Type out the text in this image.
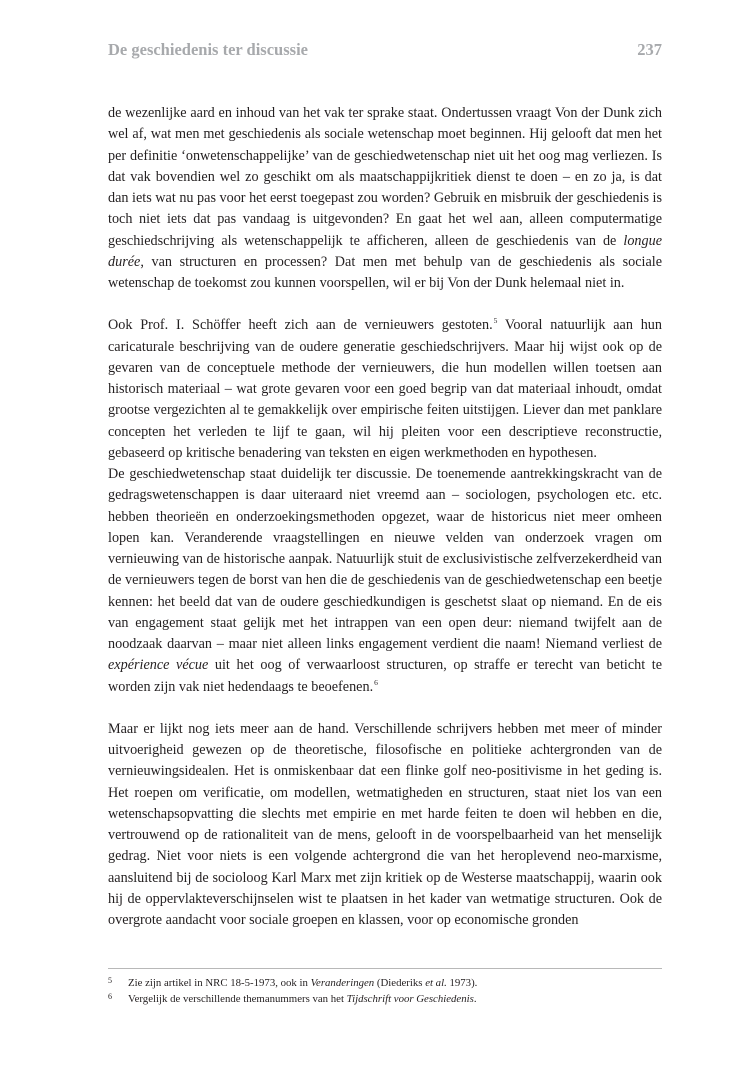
De geschiedenis ter discussie	237

de wezenlijke aard en inhoud van het vak ter sprake staat. Ondertussen vraagt Von der Dunk zich wel af, wat men met geschiedenis als sociale wetenschap moet beginnen. Hij gelooft dat men het per definitie ‘onwetenschappelijke’ van de geschiedwetenschap niet uit het oog mag verliezen. Is dat vak bovendien wel zo geschikt om als maatschappijkritiek dienst te doen – en zo ja, is dat dan iets wat nu pas voor het eerst toegepast zou worden? Gebruik en misbruik der geschiedenis is toch niet iets dat pas vandaag is uitgevonden? En gaat het wel aan, alleen computermatige geschiedschrijving als wetenschappelijk te afficheren, alleen de geschiedenis van de longue durée, van structuren en processen? Dat men met behulp van de geschiedenis als sociale wetenschap de toekomst zou kunnen voorspellen, wil er bij Von der Dunk helemaal niet in.

Ook Prof. I. Schöffer heeft zich aan de vernieuwers gestoten.$^5$ Vooral natuurlijk aan hun caricaturale beschrijving van de oudere generatie geschiedschrijvers. Maar hij wijst ook op de gevaren van de conceptuele methode der vernieuwers, die hun modellen willen toetsen aan historisch materiaal – wat grote gevaren voor een goed begrip van dat materiaal inhoudt, omdat grootse vergezichten al te gemakkelijk over empirische feiten uitstijgen. Liever dan met panklare concepten het verleden te lijf te gaan, wil hij pleiten voor een descriptieve reconstructie, gebaseerd op kritische benadering van teksten en eigen werkmethoden en hypothesen.

De geschiedwetenschap staat duidelijk ter discussie. De toenemende aantrekkingskracht van de gedragswetenschappen is daar uiteraard niet vreemd aan – sociologen, psychologen etc. etc. hebben theorieën en onderzoekingsmethoden opgezet, waar de historicus niet meer omheen lopen kan. Veranderende vraagstellingen en nieuwe velden van onderzoek vragen om vernieuwing van de historische aanpak. Natuurlijk stuit de exclusivistische zelfverzekerdheid van de vernieuwers tegen de borst van hen die de geschiedenis van de geschiedwetenschap een beetje kennen: het beeld dat van de oudere geschiedkundigen is geschetst slaat op niemand. En de eis van engagement staat gelijk met het intrappen van een open deur: niemand twijfelt aan de noodzaak daarvan – maar niet alleen links engagement verdient die naam! Niemand verliest de expérience vécue uit het oog of verwaarloost structuren, op straffe er terecht van beticht te worden zijn vak niet hedendaags te beoefenen.$^6$

Maar er lijkt nog iets meer aan de hand. Verschillende schrijvers hebben met meer of minder uitvoerigheid gewezen op de theoretische, filosofische en politieke achtergronden van de vernieuwingsidealen. Het is onmiskenbaar dat een flinke golf neo-positivisme in het geding is. Het roepen om verificatie, om modellen, wetmatigheden en structuren, staat niet los van een wetenschapsopvatting die slechts met empirie en met harde feiten te doen wil hebben en die, vertrouwend op de rationaliteit van de mens, gelooft in de voorspelbaarheid van het menselijk gedrag. Niet voor niets is een volgende achtergrond die van het heroplevend neo-marxisme, aansluitend bij de socioloog Karl Marx met zijn kritiek op de Westerse maatschappij, waarin ook hij de oppervlakteverschijnselen wist te plaatsen in het kader van wetmatige structuren. Ook de overgrote aandacht voor sociale groepen en klassen, voor op economische gronden

5	Zie zijn artikel in NRC 18-5-1973, ook in Veranderingen (Diederiks et al. 1973).
6	Vergelijk de verschillende themanummers van het Tijdschrift voor Geschiedenis.
